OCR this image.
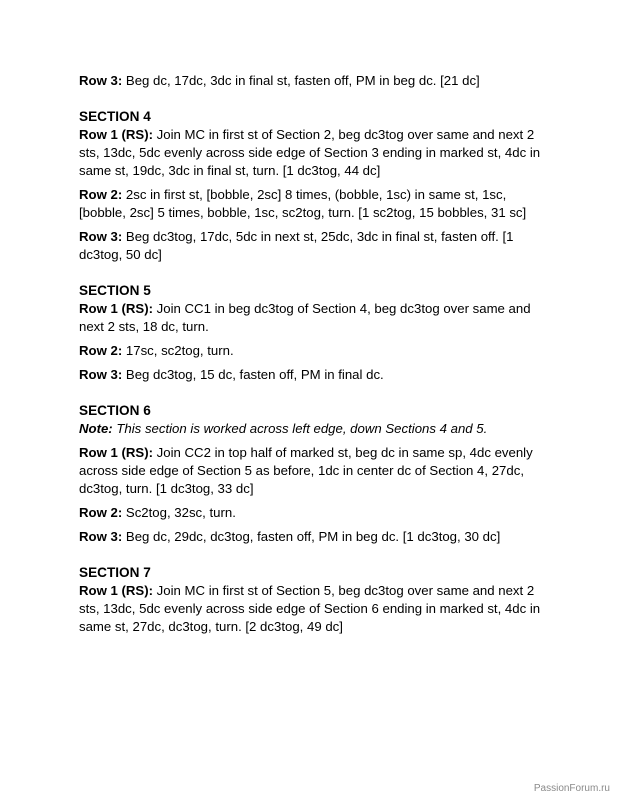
Row 3: Beg dc, 17dc, 3dc in final st, fasten off, PM in beg dc. [21 dc]

SECTION 4

Row 1 (RS): Join MC in first st of Section 2, beg dc3tog over same and next 2 sts, 13dc, 5dc evenly across side edge of Section 3 ending in marked st, 4dc in same st, 19dc, 3dc in final st, turn. [1 dc3tog, 44 dc]

Row 2: 2sc in first st, [bobble, 2sc] 8 times, (bobble, 1sc) in same st, 1sc, [bobble, 2sc] 5 times, bobble, 1sc, sc2tog, turn. [1 sc2tog, 15 bobbles, 31 sc]

Row 3: Beg dc3tog, 17dc, 5dc in next st, 25dc, 3dc in final st, fasten off. [1 dc3tog, 50 dc]

SECTION 5

Row 1 (RS): Join CC1 in beg dc3tog of Section 4, beg dc3tog over same and next 2 sts, 18 dc, turn.

Row 2: 17sc, sc2tog, turn.

Row 3: Beg dc3tog, 15 dc, fasten off, PM in final dc.

SECTION 6

Note: This section is worked across left edge, down Sections 4 and 5.

Row 1 (RS): Join CC2 in top half of marked st, beg dc in same sp, 4dc evenly across side edge of Section 5 as before, 1dc in center dc of Section 4, 27dc, dc3tog, turn. [1 dc3tog, 33 dc]

Row 2: Sc2tog, 32sc, turn.

Row 3: Beg dc, 29dc, dc3tog, fasten off, PM in beg dc. [1 dc3tog, 30 dc]

SECTION 7

Row 1 (RS): Join MC in first st of Section 5, beg dc3tog over same and next 2 sts, 13dc, 5dc evenly across side edge of Section 6 ending in marked st, 4dc in same st, 27dc, dc3tog, turn. [2 dc3tog, 49 dc]

PassionForum.ru
